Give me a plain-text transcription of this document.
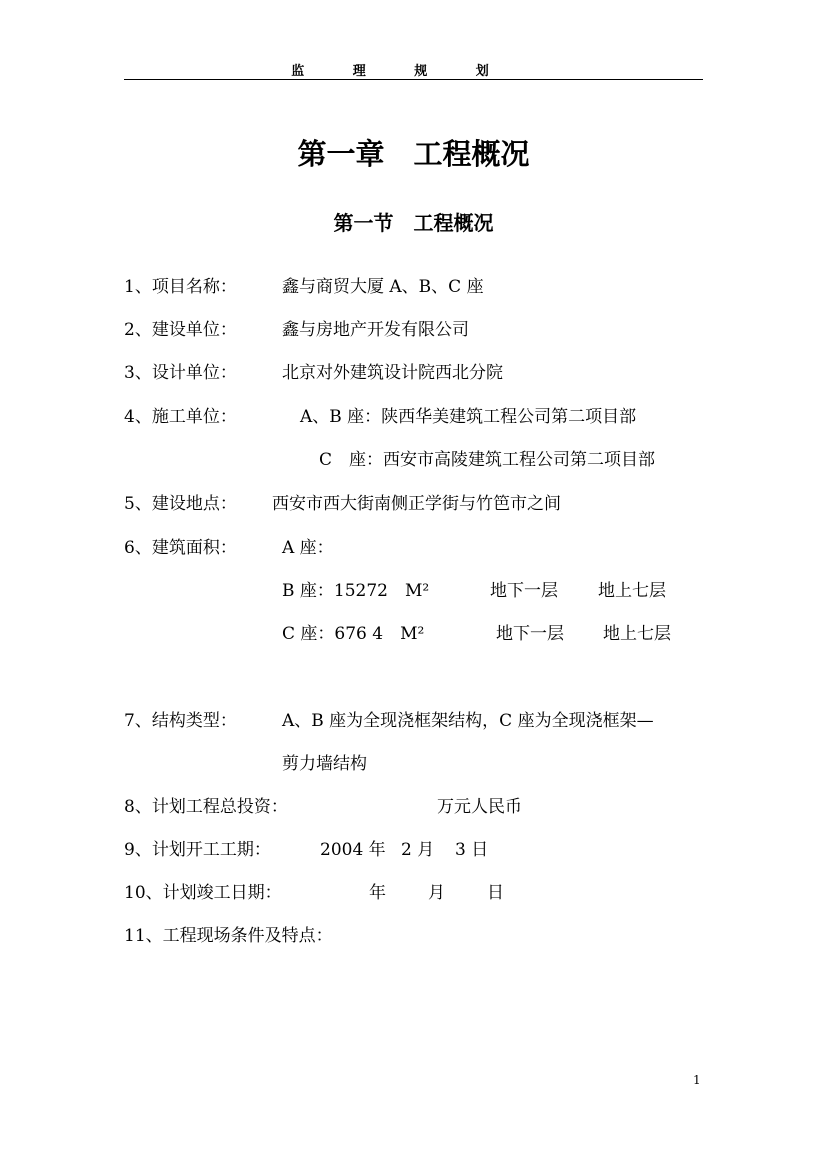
监 理 规 划
第一章　工程概况
第一节　工程概况
1、项目名称：	鑫与商贸大厦 A、B、C 座
2、建设单位：	鑫与房地产开发有限公司
3、设计单位：	北京对外建筑设计院西北分院
4、施工单位：	A、B 座：陕西华美建筑工程公司第二项目部
C　座：西安市高陵建筑工程公司第二项目部
5、建设地点： 西安市西大街南侧正学街与竹笆市之间
6、建筑面积：	A 座：
B 座：15272　M²	地下一层 地上七层
C 座：676 4　M²	地下一层 地上七层
7、结构类型：	A、B 座为全现浇框架结构，C 座为全现浇框架—
剪力墙结构
8、计划工程总投资：	万元人民币
9、计划开工工期：	2004 年 2 月 3 日
10、计划竣工日期：	年 月 日
11、工程现场条件及特点：
1
